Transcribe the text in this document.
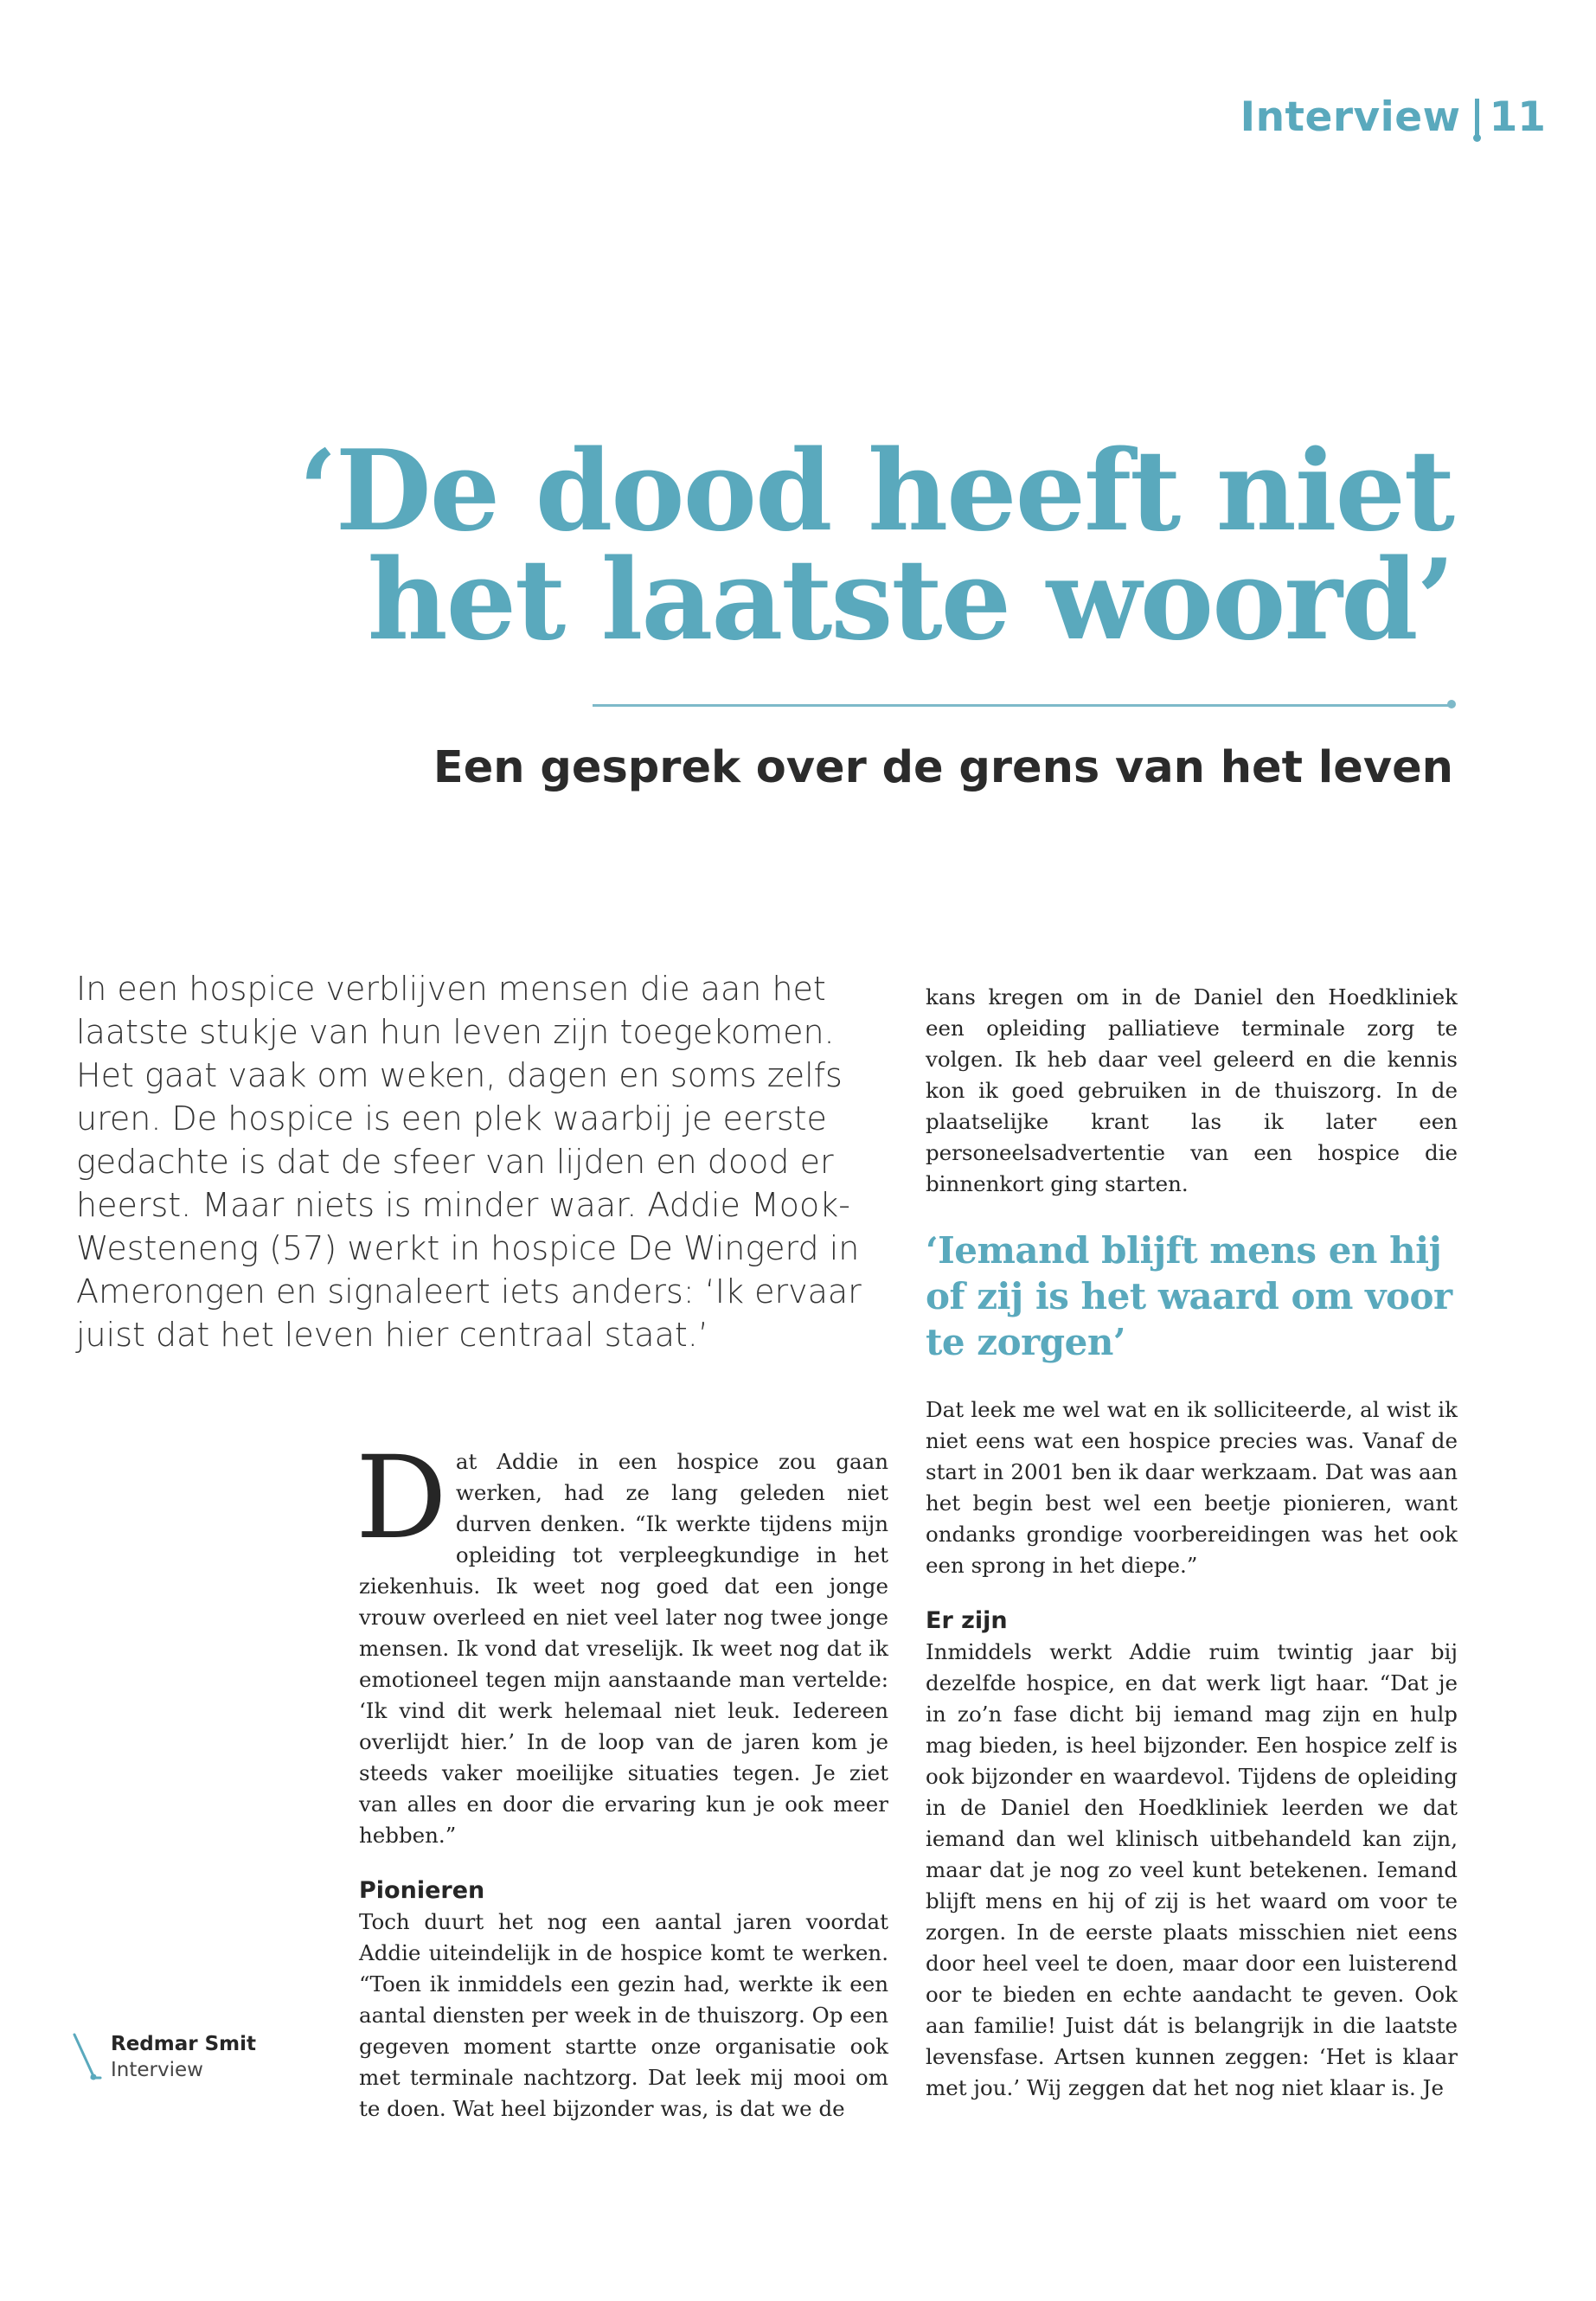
Interview 11
‘De dood heeft niet het laatste woord’
Een gesprek over de grens van het leven

In een hospice verblijven mensen die aan het laatste stukje van hun leven zijn toegekomen. Het gaat vaak om weken, dagen en soms zelfs uren. De hospice is een plek waarbij je eerste gedachte is dat de sfeer van lijden en dood er heerst. Maar niets is minder waar. Addie Mook-Westeneng (57) werkt in hospice De Wingerd in Amerongen en signaleert iets anders: ‘Ik ervaar juist dat het leven hier centraal staat.’

D at Addie in een hospice zou gaan werken, had ze lang geleden niet durven denken. “Ik werkte tijdens mijn opleiding tot verpleegkundige in het ziekenhuis. Ik weet nog goed dat een jonge vrouw overleed en niet veel later nog twee jonge mensen. Ik vond dat vreselijk. Ik weet nog dat ik emotioneel tegen mijn aanstaande man vertelde: ‘Ik vind dit werk helemaal niet leuk. Iedereen overlijdt hier.’ In de loop van de jaren kom je steeds vaker moeilijke situaties tegen. Je ziet van alles en door die ervaring kun je ook meer hebben.”

Pionieren

Toch duurt het nog een aantal jaren voordat Addie uiteindelijk in de hospice komt te werken. “Toen ik inmiddels een gezin had, werkte ik een aantal diensten per week in de thuiszorg. Op een gegeven moment startte onze organisatie ook met terminale nachtzorg. Dat leek mij mooi om te doen. Wat heel bijzonder was, is dat we de

kans kregen om in de Daniel den Hoedkliniek een opleiding palliatieve terminale zorg te volgen. Ik heb daar veel geleerd en die kennis kon ik goed gebruiken in de thuiszorg. In de plaatselijke krant las ik later een personeelsadvertentie van een hospice die binnenkort ging starten.

‘Iemand blijft mens en hij of zij is het waard om voor te zorgen’

Dat leek me wel wat en ik solliciteerde, al wist ik niet eens wat een hospice precies was. Vanaf de start in 2001 ben ik daar werkzaam. Dat was aan het begin best wel een beetje pionieren, want ondanks grondige voorbereidingen was het ook een sprong in het diepe.”

Er zijn

Inmiddels werkt Addie ruim twintig jaar bij dezelfde hospice, en dat werk ligt haar. “Dat je in zo’n fase dicht bij iemand mag zijn en hulp mag bieden, is heel bijzonder. Een hospice zelf is ook bijzonder en waardevol. Tijdens de opleiding in de Daniel den Hoedkliniek leerden we dat iemand dan wel klinisch uitbehandeld kan zijn, maar dat je nog zo veel kunt betekenen. Iemand blijft mens en hij of zij is het waard om voor te zorgen. In de eerste plaats misschien niet eens door heel veel te doen, maar door een luisterend oor te bieden en echte aandacht te geven. Ook aan familie! Juist dát is belangrijk in die laatste levensfase. Artsen kunnen zeggen: ‘Het is klaar met jou.’ Wij zeggen dat het nog niet klaar is. Je

Redmar Smit
Interview
